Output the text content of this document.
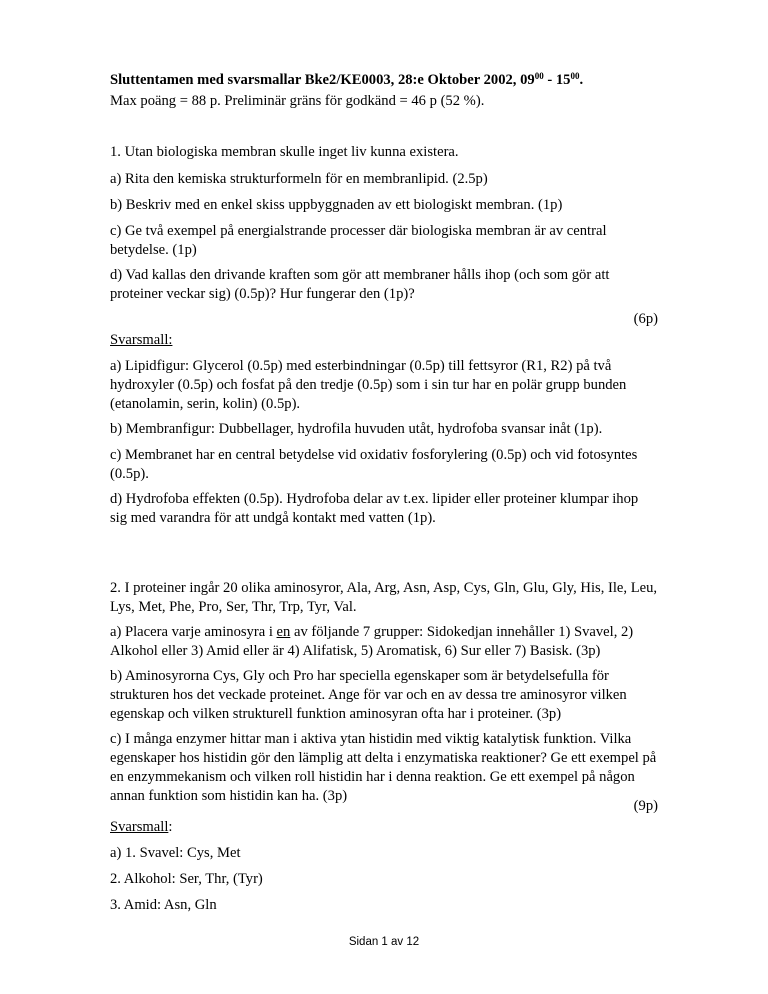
Sluttentamen med svarsmallar Bke2/KE0003, 28:e Oktober 2002, $09^{00} - 15^{00}$.

Max poäng = 88 p. Preliminär gräns för godkänd = 46 p (52 %).

1. Utan biologiska membran skulle inget liv kunna existera.

a) Rita den kemiska strukturformeln för en membranlipid. (2.5p)

b) Beskriv med en enkel skiss uppbyggnaden av ett biologiskt membran. (1p)

c) Ge två exempel på energialstrande processer där biologiska membran är av central betydelse. (1p)

d) Vad kallas den drivande kraften som gör att membraner hålls ihop (och som gör att proteiner veckar sig) (0.5p)? Hur fungerar den (1p)?

(6p)

Svarsmall:

a) Lipidfigur: Glycerol (0.5p) med esterbindningar (0.5p) till fettsyror (R1, R2) på två hydroxyler (0.5p) och fosfat på den tredje (0.5p) som i sin tur har en polär grupp bunden (etanolamin, serin, kolin) (0.5p).

b) Membranfigur: Dubbellager, hydrofila huvuden utåt, hydrofoba svansar inåt (1p).

c) Membranet har en central betydelse vid oxidativ fosforylering (0.5p) och vid fotosyntes (0.5p).

d) Hydrofoba effekten (0.5p). Hydrofoba delar av t.ex. lipider eller proteiner klumpar ihop sig med varandra för att undgå kontakt med vatten (1p).

2. I proteiner ingår 20 olika aminosyror, Ala, Arg, Asn, Asp, Cys, Gln, Glu, Gly, His, Ile, Leu, Lys, Met, Phe, Pro, Ser, Thr, Trp, Tyr, Val.

a) Placera varje aminosyra i en av följande 7 grupper: Sidokedjan innehåller 1) Svavel, 2) Alkohol eller 3) Amid eller är 4) Alifatisk, 5) Aromatisk, 6) Sur eller 7) Basisk. (3p)

b) Aminosyrorna Cys, Gly och Pro har speciella egenskaper som är betydelsefulla för strukturen hos det veckade proteinet. Ange för var och en av dessa tre aminosyror vilken egenskap och vilken strukturell funktion aminosyran ofta har i proteiner. (3p)

c) I många enzymer hittar man i aktiva ytan histidin med viktig katalytisk funktion. Vilka egenskaper hos histidin gör den lämplig att delta i enzymatiska reaktioner? Ge ett exempel på en enzymmekanism och vilken roll histidin har i denna reaktion. Ge ett exempel på någon annan funktion som histidin kan ha. (3p)

(9p)

Svarsmall:

a) 1. Svavel: Cys, Met

2. Alkohol: Ser, Thr, (Tyr)

3. Amid: Asn, Gln

Sidan 1 av 12
